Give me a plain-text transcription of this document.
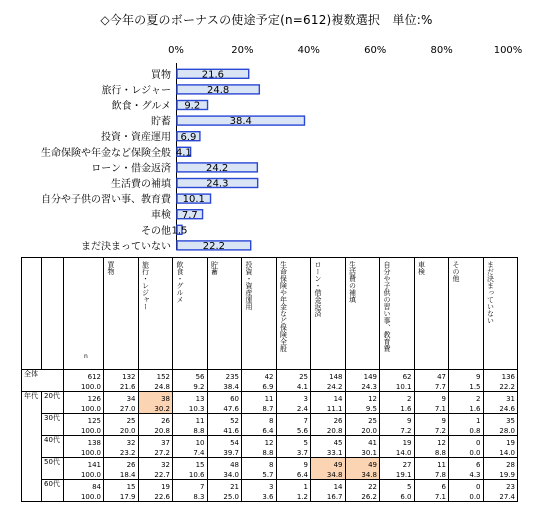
◇今年の夏のボーナスの使途予定(n=612)複数選択　単位:%
0%	20%	40%	60%	80%	100%
買物	21.6
旅行・レジャー	24.8
飲食・グルメ 9.2
貯蓄	38.4
投資・資産運用 6.9
生命保険や年金など保険全般 4.1
ローン・借金返済	24.2
生活費の補填	24.3
自分や子供の習い事、教育費 10.1
車検 7.7
その他 1.5
まだ決まっていない	22.2
		n	買物	旅行・レジャー	飲食・グルメ	貯蓄	投資・資産運用	生命保険や年金など保険全般	ローン・借金返済	生活費の補填	自分や子供の習い事、教育費	車検	その他	まだ決まっていない
全体		612	132	152	56	235	42	25	148	149	62	47	9	136
		100.0	21.6	24.8	9.2	38.4	6.9	4.1	24.2	24.3	10.1	7.7	1.5	22.2
年代	20代	126	34	38	13	60	11	3	14	12	2	9	2	31
		100.0	27.0	30.2	10.3	47.6	8.7	2.4	11.1	9.5	1.6	7.1	1.6	24.6
	30代	125	25	26	11	52	8	7	26	25	9	9	1	35
		100.0	20.0	20.8	8.8	41.6	6.4	5.6	20.8	20.0	7.2	7.2	0.8	28.0
	40代	138	32	37	10	54	12	5	45	41	19	12	0	19
		100.0	23.2	27.2	7.4	39.7	8.8	3.7	33.1	30.1	14.0	8.8	0.0	14.0
	50代	141	26	32	15	48	8	9	49	49	27	11	6	28
		100.0	18.4	22.7	10.6	34.0	5.7	6.4	34.8	34.8	19.1	7.8	4.3	19.9
	60代	84	15	19	7	21	3	1	14	22	5	6	0	23
		100.0	17.9	22.6	8.3	25.0	3.6	1.2	16.7	26.2	6.0	7.1	0.0	27.4
